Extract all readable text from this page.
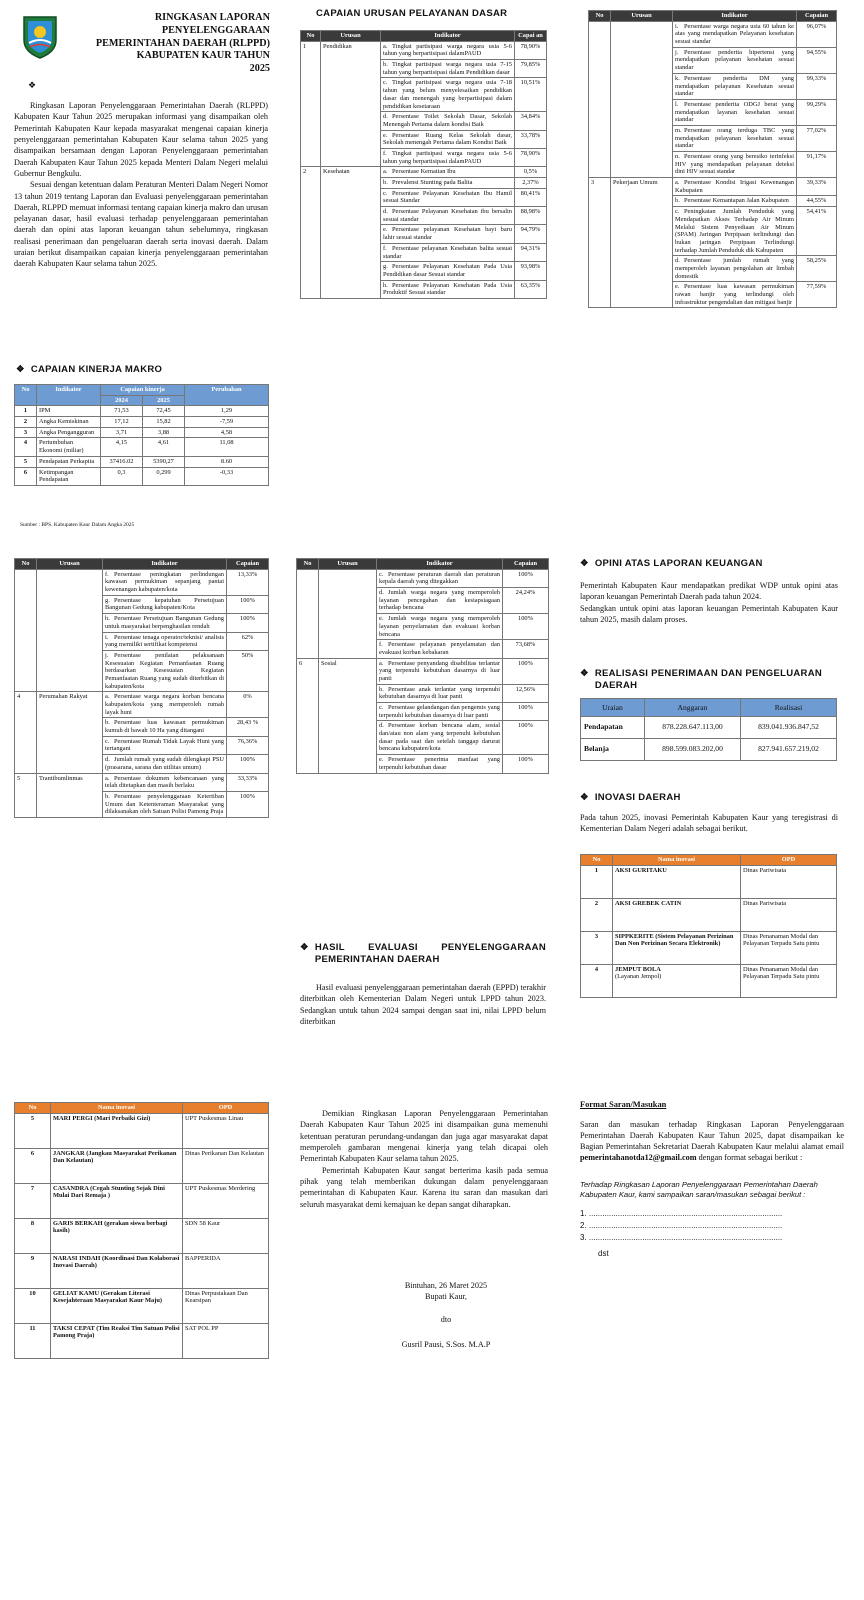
RINGKASAN LAPORAN
PENYELENGGARAAN
PEMERINTAHAN DAERAH (RLPPD)
KABUPATEN KAUR TAHUN
2025
❖

Ringkasan Laporan Penyelenggaraan Pemerintahan Daerah (RLPPD) Kabupaten Kaur Tahun 2025 merupakan informasi yang disampaikan oleh Pemerintah Kabupaten Kaur kepada masyarakat mengenai capaian kinerja penyelenggaraan pemerintahan Kabupaten Kaur selama tahun 2025 yang disampaikan bersamaan dengan Laporan Penyelenggaraan pemerintahan Daerah Kabupaten Kaur Tahun 2025 kepada Menteri Dalam Negeri melalui Gubernur Bengkulu.

Sesuai dengan ketentuan dalam Peraturan Menteri Dalam Negeri Nomor 13 tahun 2019 tentang Laporan dan Evaluasi penyelenggaraan pemerintahan Daerah, RLPPD memuat informasi tentang capaian kinerja makro dan urusan pelayanan dasar, hasil evaluasi terhadap penyelenggaraan pemerintahan daerah dan opini atas laporan keuangan tahun sebelumnya, ringkasan realisasi penerimaan dan pengeluaran daerah serta inovasi daerah. Dalam uraian berikut disampaikan capaian kinerja penyelenggaraan pemerintahan daerah Kabupaten Kaur selama tahun 2025.

❖ CAPAIAN KINERJA MAKRO
No	Indikator	Capaian kinerja		Perubahan
		2024	2025	
1	IPM	71,53	72,45	1,29
2	Angka Kemiskinan	17,12	15,82	-7,59
3	Angka Pengangguran	3,71	3,88	4,58
4	Pertumbuhan Ekonomi (miliar)	4,15	4,61	11,08
5	Pendapatan Perkapita	37416.02	5390,27	8.60
6	Ketimpangan Pendapatan	0,3	0,299	-0,33
Sumber : BPS. Kabupaten Kaur Dalam Angka 2025
CAPAIAN URUSAN PELAYANAN DASAR
No	Urusan	Indikator	Capai an
1	Pendidikan	a. Tingkat partisipasi warga negara usia 5-6 tahun yang berpartisipasi dalamPAUD	78,90%
		b. Tingkat partisipasi warga negara usia 7-15 tahun yang berpartisipasi dalam Pendidikan dasar	79,85%
		c. Tingkat partisipasi warga negara usia 7-18 tahun yang belum menyelesaikan pendidikan dasar dan menengah yang berpartisipasi dalam pendidikan kesetaraan	10,51%
		d. Persentase Toilet Sekolah Dasar, Sekolah Menengah Pertama dalam kondisi Baik	34,84%
		e. Persentase Ruang Kelas Sekolah dasar, Sekolah menengah Pertama dalam Kondisi Baik	33,78%
		f. Tingkat partisipasi warga negara usia 5-6 tahun yang berpartisipasi dalamPAUD	78,90%
2	Kesehatan	a. Persentase Kematian Ibu	0,5%
		b. Prevalensi Stunting pada Balita	2,37%
		c. Persentase Pelayanan Kesehatan Ibu Hamil sesuai Standar	80,41%
		d. Persentase Pelayanan Kesehatan ibu bersalin sesuai standar	88,98%
		e. Persentase pelayanan Kesehatan bayi baru lahir sesuai standar	94,79%
		f. Persentase pelayanan Kesehatan balita sesuai standar	94,31%
		g. Persentase Pelayanan Kesehatan Pada Usia Pendidikan dasar Sesuai standar	93,98%
		h. Persentase Pelayanan Kesehatan Pada Usia Produktif Sesuai standar	63,35%
No	Urusan	Indikator	Capaian
		i. Persentase warga negara usia 60 tahun ke atas yang mendapatkan Pelayanan kesehatan sesuai standar	96,07%
		j. Persentase penderita hipertensi yang mendapatkan pelayanan kesehatan sesuai standar	94,55%
		k. Persentase penderita DM yang mendapatkan pelayanan Kesehatan sesuai standar	99,33%
		l. Persentase penderita ODGJ berat yang mendapatkan layanan kesehatan sesuai standar	99,29%
		m. Persentase orang terduga TBC yang mendapatkan pelayanan kesehatan sesuai standar	77,02%
		n. Persentase orang yang beresiko terinfeksi HIV yang mendapatkan pelayanan deteksi dini HIV sesuai standar	91,17%
3	Pekerjaan Umum	a. Persentase Kondisi Irigasi Kewenangan Kabupaten	39,33%
		b. Persentase Kemantapan Jalan Kabupaten	44,55%
		c. Peningkatan Jumlah Penduduk yang Mendapatkan Akses Terhadap Air Minum Melalui Sistem Penyediaan Air Minum (SPAM) Jaringan Perpipaan terlindungi dan bukan jaringan Perpipaan Terlindungi terhadap Jumlah Penduduk dik Kabupaten	54,41%
		d. Persentase jumlah rumah yang memperoleh layanan pengolahan air limbah domestik	58,25%
		e. Persentase luas kawasan permukiman rawan banjir yang terlindungi oleh infrastruktur pengendalian dan mitigasi banjir	77,59%
No	Urusan	Indikator	Capaian
		f. Persentase peningkatan perlindungan kawasan permukiman sepanjang pantai kewenangan kabupaten/kota	13,33%
		g. Persentase kepatuhan Persetujuan Bangunan Gedung kabupaten/Kota	100%
		h. Persentase Persetujuan Bangunan Gedung untuk masyarakat berpenghasilan rendah	100%
		i. Persentase tenaga operator/teknisi/ analisis yang memiliki sertifikat kompetensi	62%
		j. Persentase penilaian pelaksanaan Kesesuaian Kegiatan Pemanfaatan Ruang berdasarkan Kesesuaian Kegiatan Pemanfaatan Ruang yang sudah diterbitkan di kabupaten/kota	50%
4	Perumahan Rakyat	a. Persentase warga negara korban bencana kabupaten/kota yang memperoleh rumah layak huni	0%
		b. Persentase luas kawasan permukiman kumuh di bawah 10 Ha yang ditangani	28,43 %
		c. Persentase Rumah Tidak Layak Huni yang tertangani	76,36%
		d. Jumlah rumah yang sudah dilengkapi PSU (prasarana, sarana dan utilitas umum)	100%
5	Trantibumlinmas	a. Persentase dokumen kebencanaan yang telah ditetapkan dan masih berlaku	33,33%
		b. Persentase penyelenggaraan Ketertiban Umum dan Ketenteraman Masyarakat yang dilaksanakan oleh Satuan Polisi Pamong Praja	100%
No	Urusan	Indikator	Capaian
		c. Persentase peraturan daerah dan peraturan kepala daerah yang ditegakkan	100%
		d. Jumlah warga negara yang memperoleh layanan pencegahan dan kesiapsiagaan terhadap bencana	24,24%
		e. Jumlah warga negara yang memperoleh layanan penyelamatan dan evakuasi korban bencana	100%
		f. Persentase pelayanan penyelamatan dan evakuasi korban kebakaran	73,68%
6	Sosial	a. Persentase penyandang disabilitas terlantar yang terpenuhi kebutuhan dasarnya di luar panti	100%
		b. Persentase anak terlantar yang terpenuhi kebutuhan dasarnya di luar panti	12,56%
		c. Persentase gelandangan dan pengemis yang terpenuhi kebutuhan dasarnya di luar panti	100%
		d. Persentase korban bencana alam, sosial dan/atau non alam yang terpenuhi kebutuhan dasar pada saat dan setelah tanggap darurat bencana kabupaten/kota	100%
		e. Persentase penerima manfaat yang terpenuhi kebutuhan dasar	100%
❖ HASIL EVALUASI PENYELENGGARAAN PEMERINTAHAN DAERAH

Hasil evaluasi penyelenggaraan pemerintahan daerah (EPPD) terakhir diterbitkan oleh Kementerian Dalam Negeri untuk LPPD tahun 2023. Sedangkan untuk tahun 2024 sampai dengan saat ini, nilai LPPD belum diterbitkan

❖ OPINI ATAS LAPORAN KEUANGAN

Pemerintah Kabupaten Kaur mendapatkan predikat WDP untuk opini atas laporan keuangan Pemerintah Daerah pada tahun 2024.

Sedangkan untuk opini atas laporan keuangan Pemerintah Kabupaten Kaur tahun 2025, masih dalam proses.

❖ REALISASI PENERIMAAN DAN PENGELUARAN DAERAH
Uraian	Anggaran	Realisasi
Pendapatan	878.228.647.113,00	839.041.936.847,52
Belanja	898.599.083.202,00	827.941.657.219,02
❖ INOVASI DAERAH

Pada tahun 2025, inovasi Pemerintah Kabupaten Kaur yang teregistrasi di Kementerian Dalam Negeri adalah sebagai berikut.

No	Nama inovasi	OPD
1	AKSI GURITAKU	Dinas Pariwisata
2	AKSI GREBEK CATIN	Dinas Pariwisata
3	SIPPKERITE (Sistem Pelayanan Perizinan Dan Non Perizinan Secara Elektronik)	Dinas Penanaman Modal dan Pelayanan Terpadu Satu pintu
4	JEMPUT BOLA
(Layanan Jempol)	Dinas Penanaman Modal dan Pelayanan Terpadu Satu pintu
No	Nama inovasi	OPD
5	MARI PERGI (Mari Perbaiki Gizi)	UPT Puskesmas Linau
6	JANGKAR (Jangkau Masyarakat Perikanan Dan Kelautan)	Dinas Perikanan Dan Kelautan
7	CASANDRA (Cegah Stunting Sejak Dini Mulai Dari Remaja )	UPT Puskesmas Merdering
8	GARIS BERKAH (gerakan siswa berbagi kasih)	SDN 58 Kaur
9	NARASI INDAH (Koordinasi Dan Kolaborasi Inovasi Daerah)	BAPPERIDA
10	GELIAT KAMU (Gerakan Literasi Kesejahteraan Masyarakat Kaur Maju)	Dinas Perpustakaan Dan Kearsipan
11	TAKSI CEPAT (Tim Reaksi Tim Satuan Polisi Pamong Praja)	SAT POL PP

Demikian Ringkasan Laporan Penyelenggaraan Pemerintahan Daerah Kabupaten Kaur Tahun 2025 ini disampaikan guna memenuhi ketentuan peraturan perundang-undangan dan juga agar masyarakat dapat memperoleh gambaran mengenai kinerja yang telah dicapai oleh Pemerintah Kabupaten Kaur selama tahun 2025.

Pemerintah Kabupaten Kaur sangat berterima kasih pada semua pihak yang telah memberikan dukungan dalam penyelenggaraan pemerintahan di Kabupaten Kaur. Karena itu saran dan masukan dari seluruh masyarakat demi kemajuan ke depan sangat diharapkan.

Bintuhan, 26 Maret 2025
Bupati Kaur,
dto
Gusril Pausi, S.Sos. M.A.P
Format Saran/Masukan

Saran dan masukan terhadap Ringkasan Laporan Penyelenggaraan Pemerintahan Daerah Kabupaten Kaur Tahun 2025, dapat disampaikan ke Bagian Pemerintahan Sekretariat Daerah Kabupaten Kaur melalui alamat email pemerintahanotda12@gmail.com dengan format sebagai berikut :

Terhadap Ringkasan Laporan Penyelenggaraan Pemerintahan Daerah Kabupaten Kaur, kami sampaikan saran/masukan sebagai berikut :

1. .......................................................................................
2. .......................................................................................
3. .......................................................................................
dst
